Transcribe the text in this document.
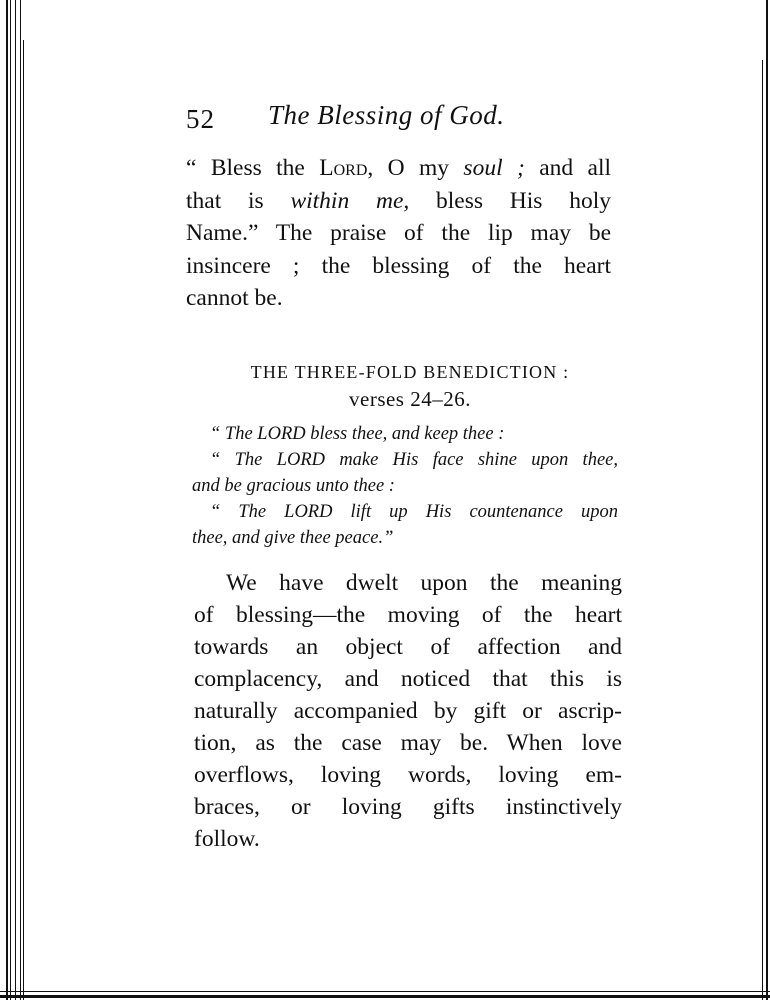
52 The Blessing of God.

“ Bless the Lord, O my soul ; and all
that is within me, bless His holy
Name.” The praise of the lip may be
insincere ; the blessing of the heart
cannot be.

THE THREE-FOLD BENEDICTION :
verses 24–26.
“ The LORD bless thee, and keep thee :
“ The LORD make His face shine upon thee,
and be gracious unto thee :
“ The LORD lift up His countenance upon
thee, and give thee peace.”

We have dwelt upon the meaning
of blessing—the moving of the heart
towards an object of affection and
complacency, and noticed that this is
naturally accompanied by gift or ascrip-
tion, as the case may be. When love
overflows, loving words, loving em-
braces, or loving gifts instinctively
follow.
